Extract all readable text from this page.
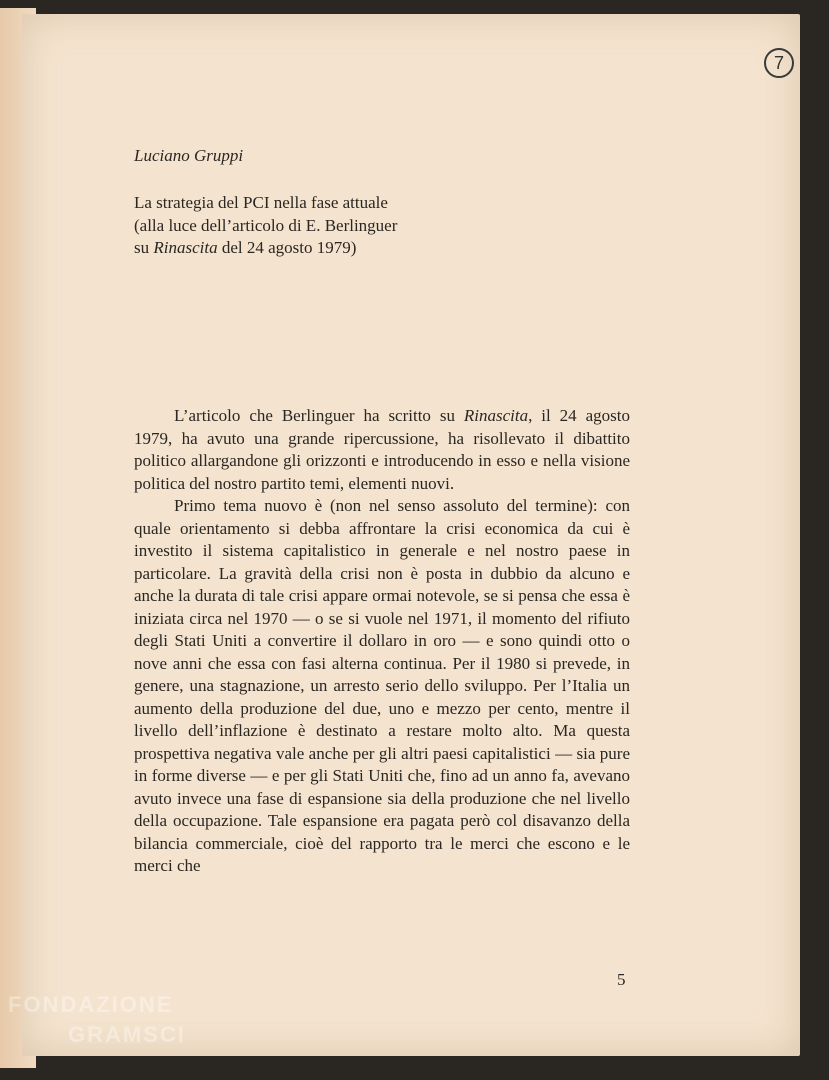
7
Luciano Gruppi
La strategia del PCI nella fase attuale
(alla luce dell’articolo di E. Berlinguer
su Rinascita del 24 agosto 1979)

L’articolo che Berlinguer ha scritto su Rinascita, il 24 agosto 1979, ha avuto una grande ripercussione, ha risollevato il dibattito politico allargandone gli orizzonti e introducendo in esso e nella visione politica del nostro partito temi, elementi nuovi.

Primo tema nuovo è (non nel senso assoluto del termine): con quale orientamento si debba affrontare la crisi economica da cui è investito il sistema capitalistico in generale e nel nostro paese in particolare. La gravità della crisi non è posta in dubbio da alcuno e anche la durata di tale crisi appare ormai notevole, se si pensa che essa è iniziata circa nel 1970 — o se si vuole nel 1971, il momento del rifiuto degli Stati Uniti a convertire il dollaro in oro — e sono quindi otto o nove anni che essa con fasi alterna continua. Per il 1980 si prevede, in genere, una stagnazione, un arresto serio dello sviluppo. Per l’Italia un aumento della produzione del due, uno e mezzo per cento, mentre il livello dell’inflazione è destinato a restare molto alto. Ma questa prospettiva negativa vale anche per gli altri paesi capitalistici — sia pure in forme diverse — e per gli Stati Uniti che, fino ad un anno fa, avevano avuto invece una fase di espansione sia della produzione che nel livello della occupazione. Tale espansione era pagata però col disavanzo della bilancia commerciale, cioè del rapporto tra le merci che escono e le merci che

5
FONDAZIONE
GRAMSCI
